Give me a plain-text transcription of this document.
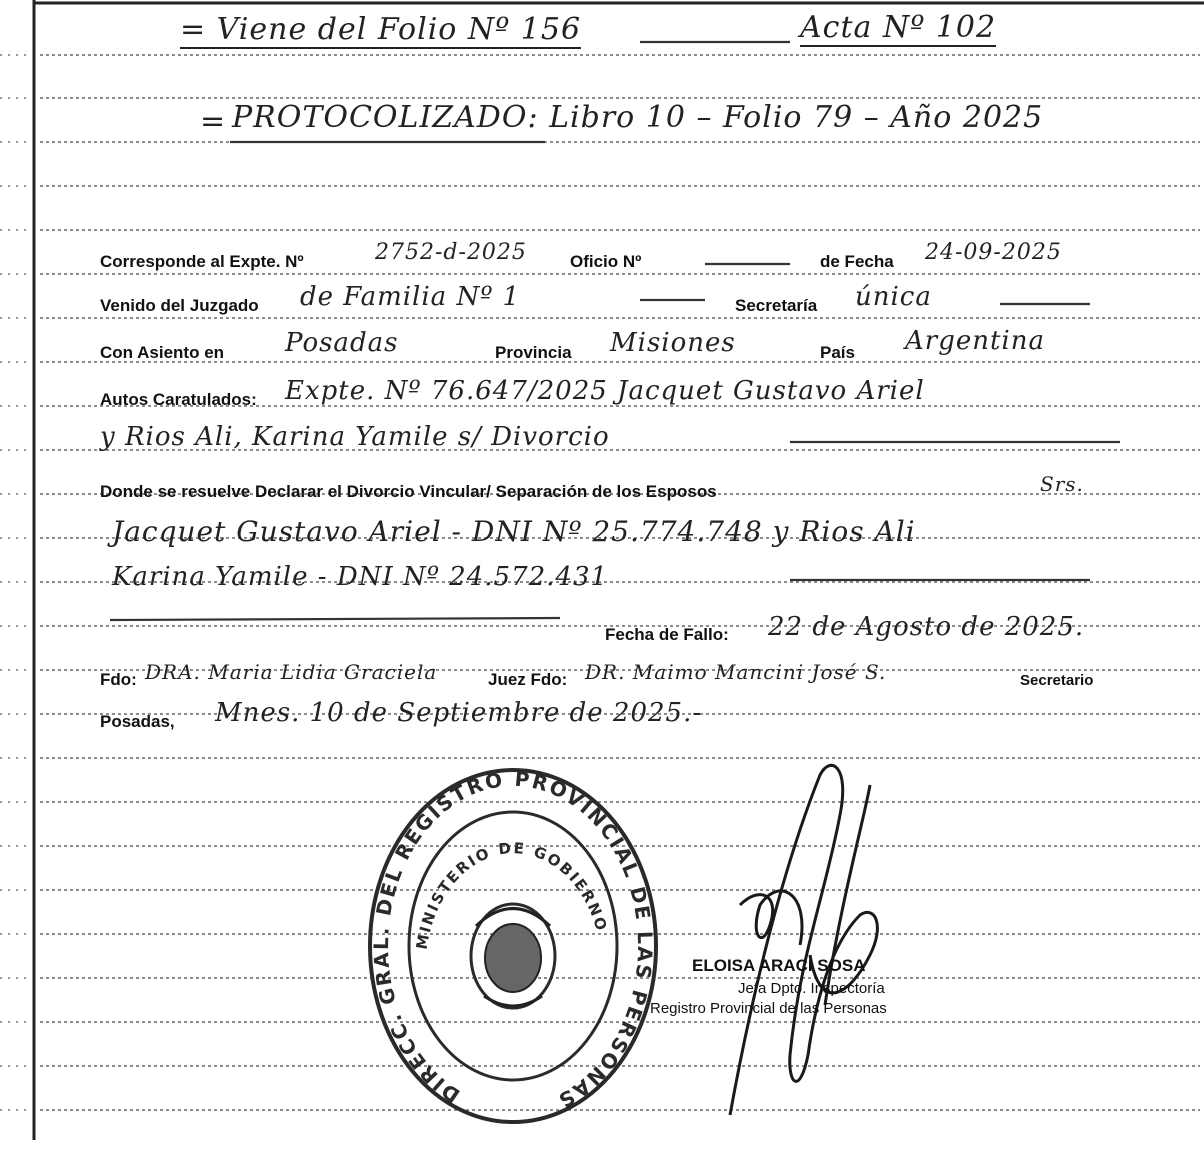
= Viene del Folio Nº 156	Acta Nº 102
= PROTOCOLIZADO: Libro 10 – Folio 79 – Año 2025
Corresponde al Expte. Nº	2752-d-2025	Oficio Nº	de Fecha 24-09-2025
Venido del Juzgado de Familia Nº 1	Secretaría única
Con Asiento en Posadas	Provincia Misiones	País Argentina
Autos Caratulados: Expte. Nº 76.647/2025 Jacquet Gustavo Ariel
y Rios Ali, Karina Yamile s/ Divorcio
Donde se resuelve Declarar el Divorcio Vincular/ Separación de los Esposos	Srs.
Jacquet Gustavo Ariel - DNI Nº 25.774.748 y Rios Ali
Karina Yamile - DNI Nº 24.572.431
Fecha de Fallo: 22 de Agosto de 2025.
Fdo: DRA. Maria Lidia Graciela	Juez Fdo: DR. Maimo Mancini José S.	Secretario
Posadas, Mnes. 10 de Septiembre de 2025.-
DIRECC. GRAL. DEL REGISTRO PROVINCIAL DE LAS PERSONAS
MINISTERIO DE GOBIERNO
ELOISA ARACI SOSA
Jefa Dpto. Inspectoría
Registro Provincial de las Personas
